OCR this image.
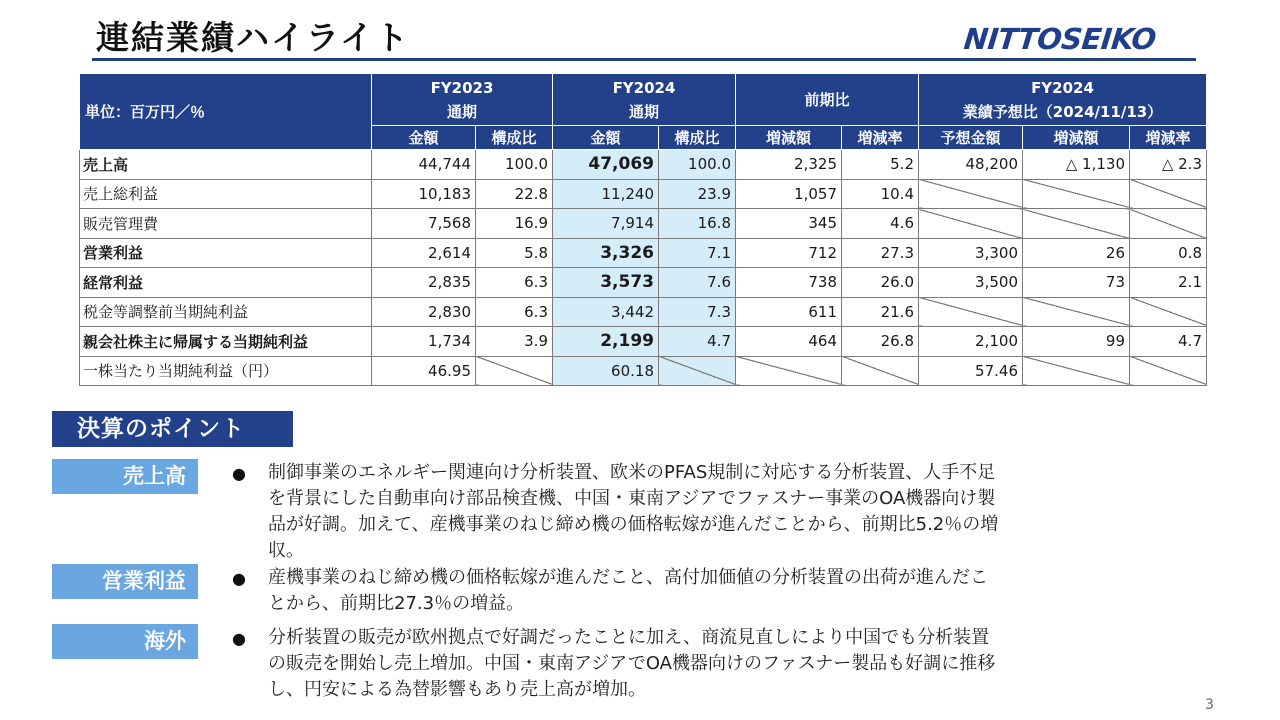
連結業績ハイライト	NITTOSEIKO
単位：百万円／％	FY2023
通期		FY2024
通期		前期比		FY2024
業績予想比（2024/11/13）		

	金額	構成比	金額	構成比	増減額	増減率	予想金額	増減額	増減率
売上高	44,744	100.0	47,069	100.0	2,325	5.2	48,200	△ 1,130	△ 2.3
売上総利益	10,183	22.8	11,240	23.9	1,057	10.4			
販売管理費	7,568	16.9	7,914	16.8	345	4.6			
営業利益	2,614	5.8	3,326	7.1	712	27.3	3,300	26	0.8
経常利益	2,835	6.3	3,573	7.6	738	26.0	3,500	73	2.1
税金等調整前当期純利益	2,830	6.3	3,442	7.3	611	21.6			
親会社株主に帰属する当期純利益	1,734	3.9	2,199	4.7	464	26.8	2,100	99	4.7
一株当たり当期純利益（円）	46.95		60.18				57.46		
決算のポイント
売上高	● 制御事業のエネルギー関連向け分析装置、欧米のPFAS規制に対応する分析装置、人手不足
を背景にした自動車向け部品検査機、中国・東南アジアでファスナー事業のOA機器向け製
品が好調。加えて、産機事業のねじ締め機の価格転嫁が進んだことから、前期比5.2％の増
収。
営業利益	● 産機事業のねじ締め機の価格転嫁が進んだこと、高付加価値の分析装置の出荷が進んだこ
とから、前期比27.3％の増益。
海外	● 分析装置の販売が欧州拠点で好調だったことに加え、商流見直しにより中国でも分析装置
の販売を開始し売上増加。中国・東南アジアでOA機器向けのファスナー製品も好調に推移
し、円安による為替影響もあり売上高が増加。
3
